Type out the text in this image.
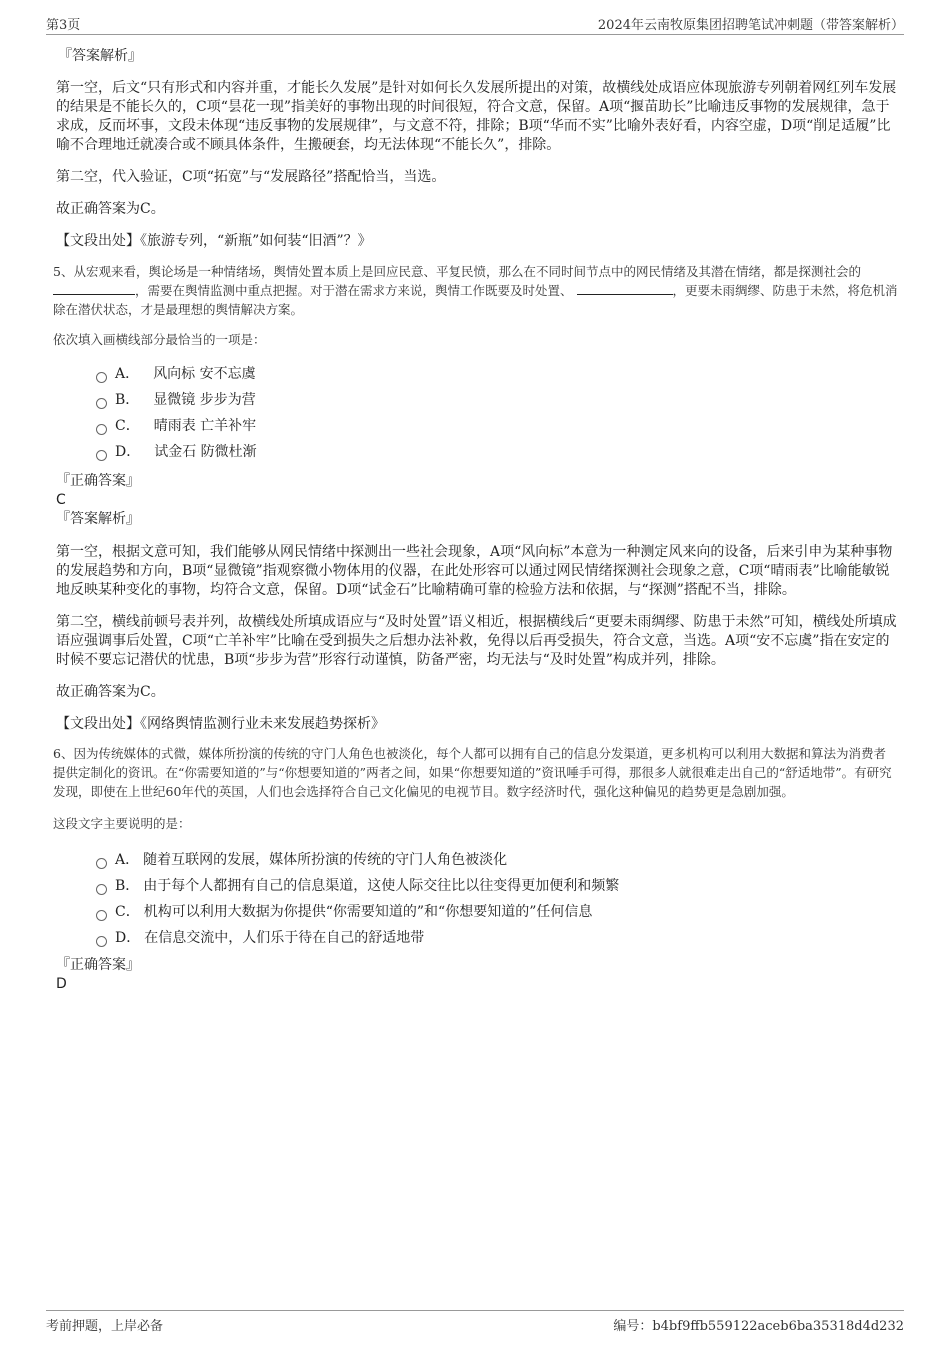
第3页	2024年云南牧原集团招聘笔试冲刺题（带答案解析）
『答案解析』

第一空，后文“只有形式和内容并重，才能长久发展”是针对如何长久发展所提出的对策，故横线处成语应体现旅游专列朝着网红列车发展的结果是不能长久的，C项“昙花一现”指美好的事物出现的时间很短，符合文意，保留。A项“揠苗助长”比喻违反事物的发展规律，急于求成，反而坏事，文段未体现“违反事物的发展规律”，与文意不符，排除；B项“华而不实”比喻外表好看，内容空虚，D项“削足适履”比喻不合理地迁就凑合或不顾具体条件，生搬硬套，均无法体现“不能长久”，排除。

第二空，代入验证，C项“拓宽”与“发展路径”搭配恰当，当选。

故正确答案为C。

【文段出处】《旅游专列，“新瓶”如何装“旧酒”？》

5、从宏观来看，舆论场是一种情绪场，舆情处置本质上是回应民意、平复民愤，那么在不同时间节点中的网民情绪及其潜在情绪，都是探测社会的 ，需要在舆情监测中重点把握。对于潜在需求方来说，舆情工作既要及时处置、	，更要未雨绸缪、防患于未然，将危机消除在潜伏状态，才是最理想的舆情解决方案。

依次填入画横线部分最恰当的一项是：

A． 风向标 安不忘虞
B． 显微镜 步步为营
C． 晴雨表 亡羊补牢
D． 试金石 防微杜渐
『正确答案』
C
『答案解析』

第一空，根据文意可知，我们能够从网民情绪中探测出一些社会现象，A项“风向标”本意为一种测定风来向的设备，后来引申为某种事物的发展趋势和方向，B项“显微镜”指观察微小物体用的仪器，在此处形容可以通过网民情绪探测社会现象之意，C项“晴雨表”比喻能敏锐地反映某种变化的事物，均符合文意，保留。D项“试金石”比喻精确可靠的检验方法和依据，与“探测”搭配不当，排除。

第二空，横线前顿号表并列，故横线处所填成语应与“及时处置”语义相近，根据横线后“更要未雨绸缪、防患于未然”可知，横线处所填成语应强调事后处置，C项“亡羊补牢”比喻在受到损失之后想办法补救，免得以后再受损失，符合文意，当选。A项“安不忘虞”指在安定的时候不要忘记潜伏的忧患，B项“步步为营”形容行动谨慎，防备严密，均无法与“及时处置”构成并列，排除。

故正确答案为C。

【文段出处】《网络舆情监测行业未来发展趋势探析》

6、因为传统媒体的式微，媒体所扮演的传统的守门人角色也被淡化，每个人都可以拥有自己的信息分发渠道，更多机构可以利用大数据和算法为消费者提供定制化的资讯。在“你需要知道的”与“你想要知道的”两者之间，如果“你想要知道的”资讯唾手可得，那很多人就很难走出自己的“舒适地带”。有研究发现，即使在上世纪60年代的英国，人们也会选择符合自己文化偏见的电视节目。数字经济时代，强化这种偏见的趋势更是急剧加强。

这段文字主要说明的是：

A． 随着互联网的发展，媒体所扮演的传统的守门人角色被淡化
B． 由于每个人都拥有自己的信息渠道，这使人际交往比以往变得更加便利和频繁
C． 机构可以利用大数据为你提供“你需要知道的”和“你想要知道的”任何信息
D． 在信息交流中，人们乐于待在自己的舒适地带
『正确答案』
D
考前押题，上岸必备	编号：b4bf9ffb559122aceb6ba35318d4d232
